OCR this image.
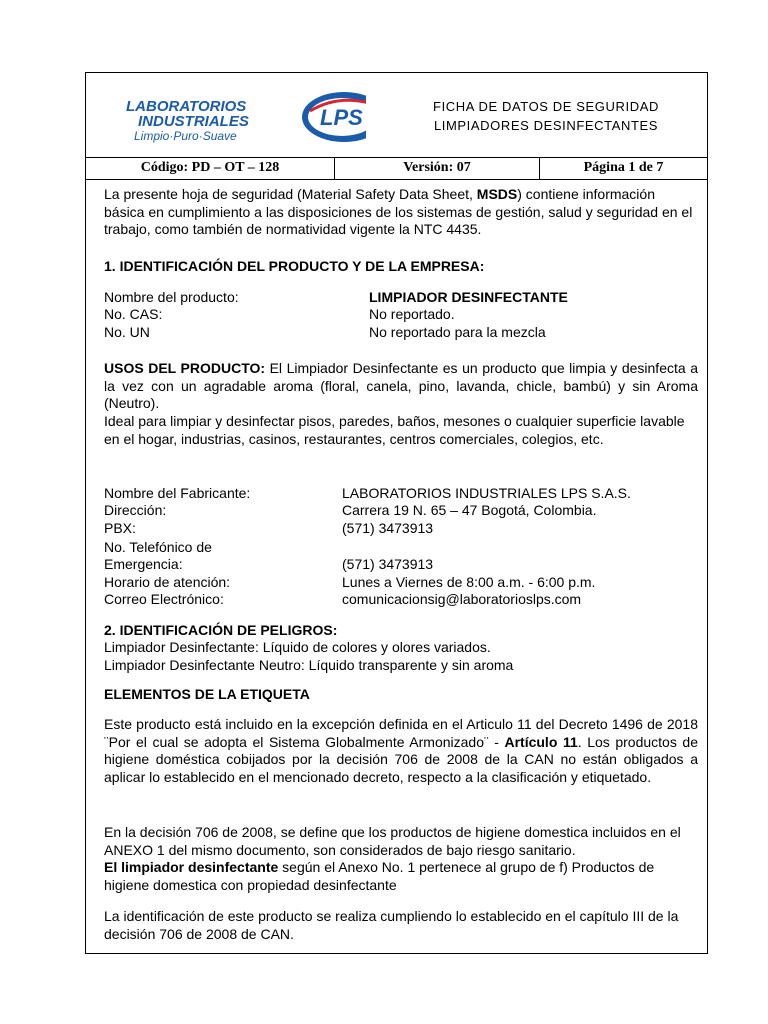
LABORATORIOS
INDUSTRIALES
Limpio·Puro·Suave
LPS	FICHA DE DATOS DE SEGURIDAD
LIMPIADORES DESINFECTANTES
Código: PD – OT – 128	Versión: 07	Página 1 de 7

La presente hoja de seguridad (Material Safety Data Sheet, MSDS) contiene información básica en cumplimiento a las disposiciones de los sistemas de gestión, salud y seguridad en el trabajo, como también de normatividad vigente la NTC 4435.

1. IDENTIFICACIÓN DEL PRODUCTO Y DE LA EMPRESA:
Nombre del producto:	LIMPIADOR DESINFECTANTE
No. CAS:	No reportado.
No. UN	No reportado para la mezcla

USOS DEL PRODUCTO: El Limpiador Desinfectante es un producto que limpia y desinfecta a la vez con un agradable aroma (floral, canela, pino, lavanda, chicle, bambú) y sin Aroma (Neutro).

Ideal para limpiar y desinfectar pisos, paredes, baños, mesones o cualquier superficie lavable en el hogar, industrias, casinos, restaurantes, centros comerciales, colegios, etc.

Nombre del Fabricante:	LABORATORIOS INDUSTRIALES LPS S.A.S.
Dirección:	Carrera 19 N. 65 – 47 Bogotá, Colombia.
PBX:	(571) 3473913
No. Telefónico de
Emergencia:	(571) 3473913
Horario de atención:	Lunes a Viernes de 8:00 a.m. - 6:00 p.m.
Correo Electrónico:	comunicacionsig@laboratorioslps.com
2. IDENTIFICACIÓN DE PELIGROS:
Limpiador Desinfectante: Líquido de colores y olores variados.
Limpiador Desinfectante Neutro: Líquido transparente y sin aroma
ELEMENTOS DE LA ETIQUETA

Este producto está incluido en la excepción definida en el Articulo 11 del Decreto 1496 de 2018 ¨Por el cual se adopta el Sistema Globalmente Armonizado¨ - Artículo 11. Los productos de higiene doméstica cobijados por la decisión 706 de 2008 de la CAN no están obligados a aplicar lo establecido en el mencionado decreto, respecto a la clasificación y etiquetado.

En la decisión 706 de 2008, se define que los productos de higiene domestica incluidos en el ANEXO 1 del mismo documento, son considerados de bajo riesgo sanitario.

El limpiador desinfectante según el Anexo No. 1 pertenece al grupo de f) Productos de higiene domestica con propiedad desinfectante

La identificación de este producto se realiza cumpliendo lo establecido en el capítulo III de la decisión 706 de 2008 de CAN.
